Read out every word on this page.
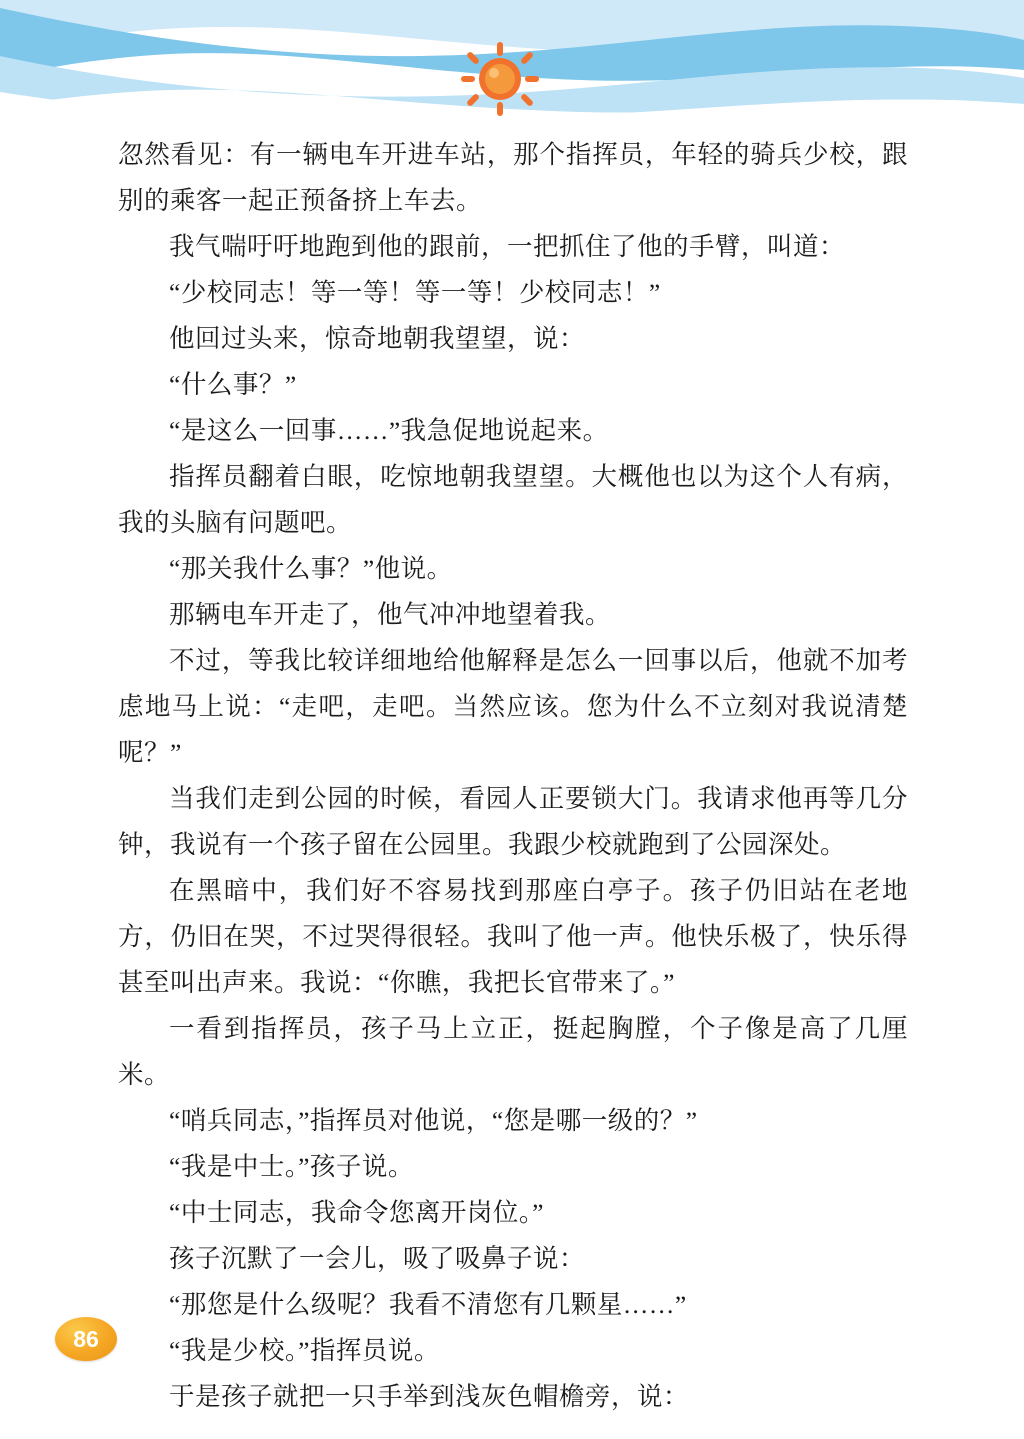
忽然看见：有一辆电车开进车站，那个指挥员，年轻的骑兵少校，跟别的乘客一起正预备挤上车去。

我气喘吁吁地跑到他的跟前，一把抓住了他的手臂，叫道：

“少校同志！等一等！等一等！少校同志！”

他回过头来，惊奇地朝我望望，说：

“什么事？”

“是这么一回事……”我急促地说起来。

指挥员翻着白眼，吃惊地朝我望望。大概他也以为这个人有病，我的头脑有问题吧。

“那关我什么事？”他说。

那辆电车开走了，他气冲冲地望着我。

不过，等我比较详细地给他解释是怎么一回事以后，他就不加考虑地马上说：“走吧，走吧。当然应该。您为什么不立刻对我说清楚呢？”

当我们走到公园的时候，看园人正要锁大门。我请求他再等几分钟，我说有一个孩子留在公园里。我跟少校就跑到了公园深处。

在黑暗中，我们好不容易找到那座白亭子。孩子仍旧站在老地方，仍旧在哭，不过哭得很轻。我叫了他一声。他快乐极了，快乐得甚至叫出声来。我说：“你瞧，我把长官带来了。”

一看到指挥员，孩子马上立正，挺起胸膛，个子像是高了几厘米。

“哨兵同志，”指挥员对他说，“您是哪一级的？”

“我是中士。”孩子说。

“中士同志，我命令您离开岗位。”

孩子沉默了一会儿，吸了吸鼻子说：

“那您是什么级呢？我看不清您有几颗星……”

“我是少校。”指挥员说。

于是孩子就把一只手举到浅灰色帽檐旁，说：

86
